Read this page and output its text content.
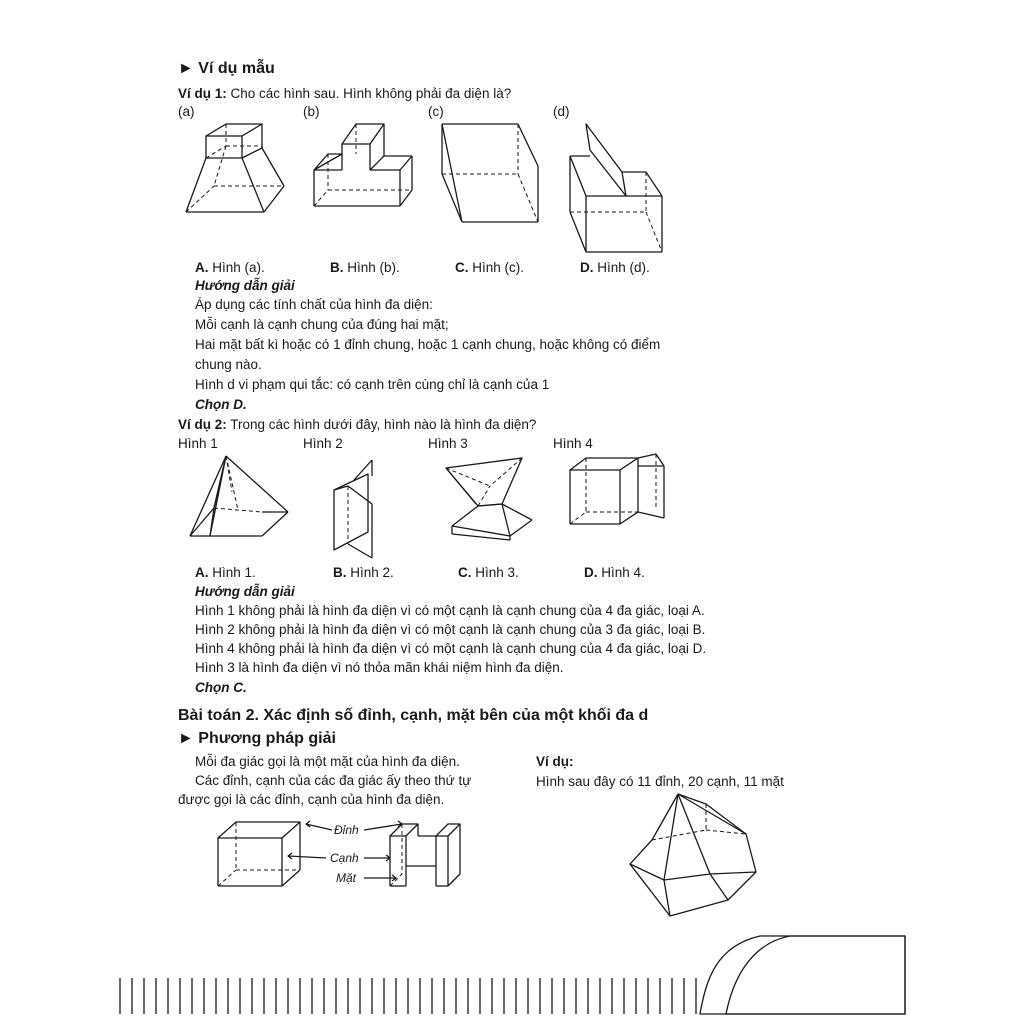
► Ví dụ mẫu
Ví dụ 1: Cho các hình sau. Hình không phải đa diện là?
(a)	(b)	(c)	(d)
A. Hình (a).	B. Hình (b).	C. Hình (c).	D. Hình (d).
Hướng dẫn giải
Áp dụng các tính chất của hình đa diện:
Mỗi cạnh là cạnh chung của đúng hai mặt;
Hai mặt bất kì hoặc có 1 đỉnh chung, hoặc 1 cạnh chung, hoặc không có điểm
chung nào.
Hình d vi phạm qui tắc: có cạnh trên cùng chỉ là cạnh của 1
Chọn D.
Ví dụ 2: Trong các hình dưới đây, hình nào là hình đa diện?
Hình 1	Hình 2	Hình 3	Hình 4
A. Hình 1.	B. Hình 2.	C. Hình 3.	D. Hình 4.
Hướng dẫn giải
Hình 1 không phải là hình đa diện vì có một cạnh là cạnh chung của 4 đa giác, loại A.
Hình 2 không phải là hình đa diện vì có một cạnh là cạnh chung của 3 đa giác, loại B.
Hình 4 không phải là hình đa diện vì có một cạnh là cạnh chung của 4 đa giác, loại D.
Hình 3 là hình đa diện vì nó thỏa mãn khái niệm hình đa diện.
Chọn C.
Bài toán 2. Xác định số đỉnh, cạnh, mặt bên của một khối đa d
► Phương pháp giải
Mỗi đa giác gọi là một mặt của hình đa diện.
Các đỉnh, cạnh của các đa giác ấy theo thứ tự
được gọi là các đỉnh, cạnh của hình đa diện.
Ví dụ:
Hình sau đây có 11 đỉnh, 20 cạnh, 11 mặt
Đỉnh
Cạnh
Mặt
221
